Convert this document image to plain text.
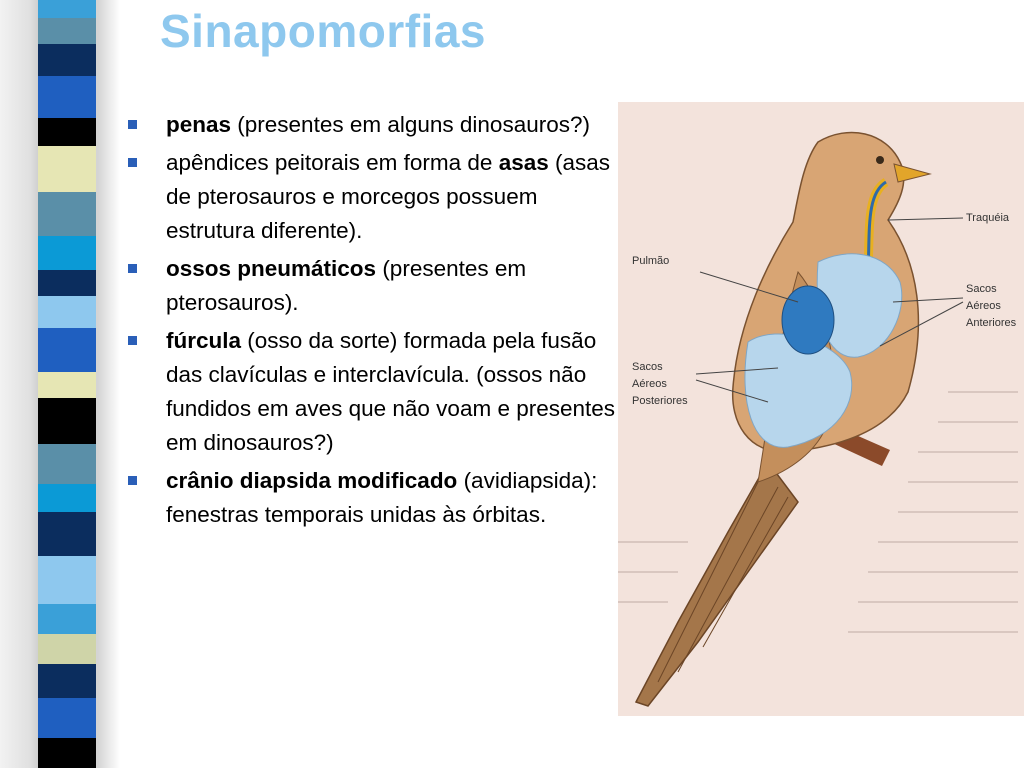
Sinapomorfias
penas (presentes em alguns dinosauros?)
apêndices peitorais em forma de asas (asas de pterosauros e morcegos possuem estrutura diferente).
ossos pneumáticos (presentes em pterosauros).
fúrcula (osso da sorte) formada pela fusão das clavículas e interclavícula. (ossos não fundidos em aves que não voam e presentes em dinosauros?)
crânio diapsida modificado (avidiapsida): fenestras temporais unidas às órbitas.
Traquéia
Pulmão
Sacos
Aéreos
Anteriores
Sacos
Aéreos
Posteriores
